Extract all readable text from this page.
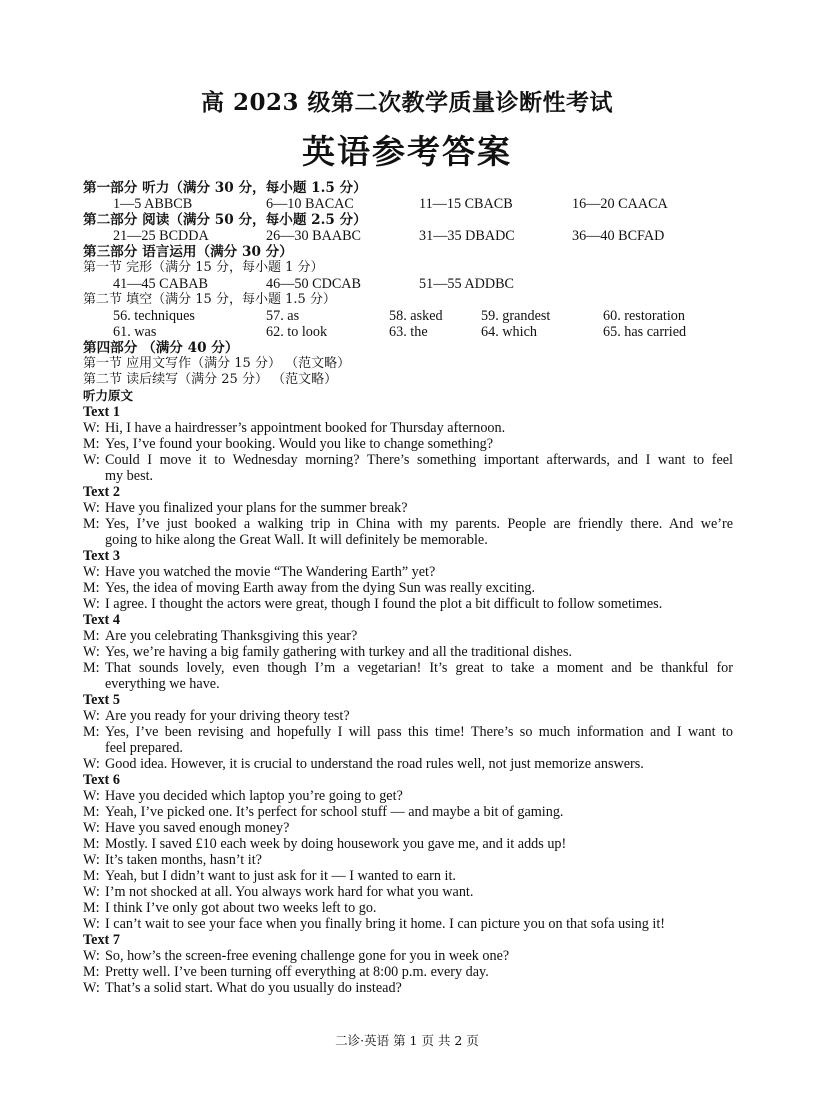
高 2023 级第二次教学质量诊断性考试
英语参考答案
第一部分 听力（满分 30 分，每小题 1.5 分）
1—5 ABBCB	6—10 BACAC	11—15 CBACB	16—20 CAACA
第二部分 阅读（满分 50 分，每小题 2.5 分）
21—25 BCDDA	26—30 BAABC	31—35 DBADC	36—40 BCFAD
第三部分 语言运用（满分 30 分）
第一节 完形（满分 15 分，每小题 1 分）
41—45 CABAB	46—50 CDCAB	51—55 ADDBC
第二节 填空（满分 15 分，每小题 1.5 分）
56. techniques	57. as	58. asked	59. grandest	60. restoration
61. was	62. to look	63. the	64. which	65. has carried
第四部分 （满分 40 分）
第一节 应用文写作（满分 15 分） （范文略）
第二节 读后续写（满分 25 分） （范文略）
听力原文
Text 1
W: Hi, I have a hairdresser’s appointment booked for Thursday afternoon.
M: Yes, I’ve found your booking. Would you like to change something?
W: Could I move it to Wednesday morning? There’s something important afterwards, and I want to feel
my best.
Text 2
W: Have you finalized your plans for the summer break?
M: Yes, I’ve just booked a walking trip in China with my parents. People are friendly there. And we’re
going to hike along the Great Wall. It will definitely be memorable.
Text 3
W: Have you watched the movie “The Wandering Earth” yet?
M: Yes, the idea of moving Earth away from the dying Sun was really exciting.
W: I agree. I thought the actors were great, though I found the plot a bit difficult to follow sometimes.
Text 4
M: Are you celebrating Thanksgiving this year?
W: Yes, we’re having a big family gathering with turkey and all the traditional dishes.
M: That sounds lovely, even though I’m a vegetarian! It’s great to take a moment and be thankful for
everything we have.
Text 5
W: Are you ready for your driving theory test?
M: Yes, I’ve been revising and hopefully I will pass this time! There’s so much information and I want to
feel prepared.
W: Good idea. However, it is crucial to understand the road rules well, not just memorize answers.
Text 6
W: Have you decided which laptop you’re going to get?
M: Yeah, I’ve picked one. It’s perfect for school stuff — and maybe a bit of gaming.
W: Have you saved enough money?
M: Mostly. I saved £10 each week by doing housework you gave me, and it adds up!
W: It’s taken months, hasn’t it?
M: Yeah, but I didn’t want to just ask for it — I wanted to earn it.
W: I’m not shocked at all. You always work hard for what you want.
M: I think I’ve only got about two weeks left to go.
W: I can’t wait to see your face when you finally bring it home. I can picture you on that sofa using it!
Text 7
W: So, how’s the screen-free evening challenge gone for you in week one?
M: Pretty well. I’ve been turning off everything at 8:00 p.m. every day.
W: That’s a solid start. What do you usually do instead?
二诊·英语 第 1 页 共 2 页
